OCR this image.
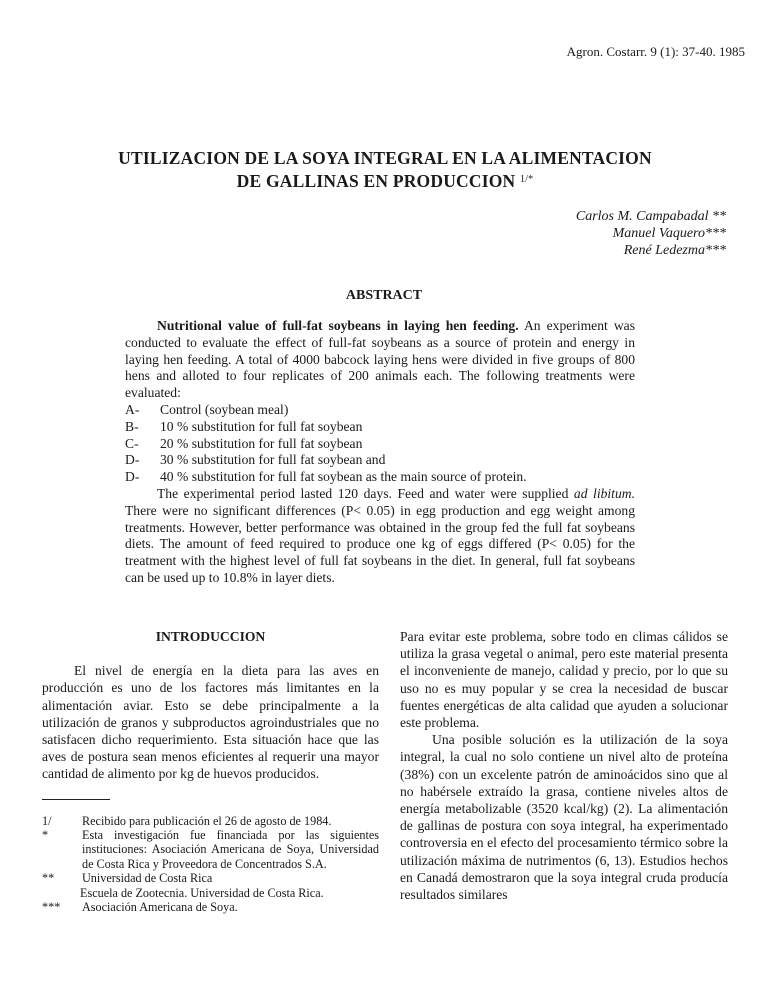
Agron. Costarr. 9 (1): 37-40. 1985
UTILIZACION DE LA SOYA INTEGRAL EN LA ALIMENTACION
DE GALLINAS EN PRODUCCION $^{1/*}$
Carlos M. Campabadal **
Manuel Vaquero***
René Ledezma***
ABSTRACT

Nutritional value of full-fat soybeans in laying hen feeding. An experiment was conducted to evaluate the effect of full-fat soybeans as a source of protein and energy in laying hen feeding. A total of 4000 babcock laying hens were divided in five groups of 800 hens and alloted to four replicates of 200 animals each. The following treatments were evaluated:

A-	Control (soybean meal)
B-	10 % substitution for full fat soybean
C-	20 % substitution for full fat soybean
D-	30 % substitution for full fat soybean and
D-	40 % substitution for full fat soybean as the main source of protein.

The experimental period lasted 120 days. Feed and water were supplied ad libitum. There were no significant differences (P< 0.05) in egg production and egg weight among treatments. However, better performance was obtained in the group fed the full fat soybeans diets. The amount of feed required to produce one kg of eggs differed (P< 0.05) for the treatment with the highest level of full fat soybeans in the diet. In general, full fat soybeans can be used up to 10.8% in layer diets.

INTRODUCCION

El nivel de energía en la dieta para las aves en producción es uno de los factores más limitantes en la alimentación aviar. Esto se debe principalmente a la utilización de granos y subproductos agroindustriales que no satisfacen dicho requerimiento. Esta situación hace que las aves de postura sean menos eficientes al requerir una mayor cantidad de alimento por kg de huevos producidos.

1/	Recibido para publicación el 26 de agosto de 1984.
*	Esta investigación fue financiada por las siguientes instituciones: Asociación Americana de Soya, Universidad de Costa Rica y Proveedora de Concentrados S.A.
**	Universidad de Costa Rica
Escuela de Zootecnia. Universidad de Costa Rica.
***	Asociación Americana de Soya.

Para evitar este problema, sobre todo en climas cálidos se utiliza la grasa vegetal o animal, pero este material presenta el inconveniente de manejo, calidad y precio, por lo que su uso no es muy popular y se crea la necesidad de buscar fuentes energéticas de alta calidad que ayuden a solucionar este problema.

Una posible solución es la utilización de la soya integral, la cual no solo contiene un nivel alto de proteína (38%) con un excelente patrón de aminoácidos sino que al no habérsele extraído la grasa, contiene niveles altos de energía metabolizable (3520 kcal/kg) (2). La alimentación de gallinas de postura con soya integral, ha experimentado controversia en el efecto del procesamiento térmico sobre la utilización máxima de nutrimentos (6, 13). Estudios hechos en Canadá demostraron que la soya integral cruda producía resultados similares
